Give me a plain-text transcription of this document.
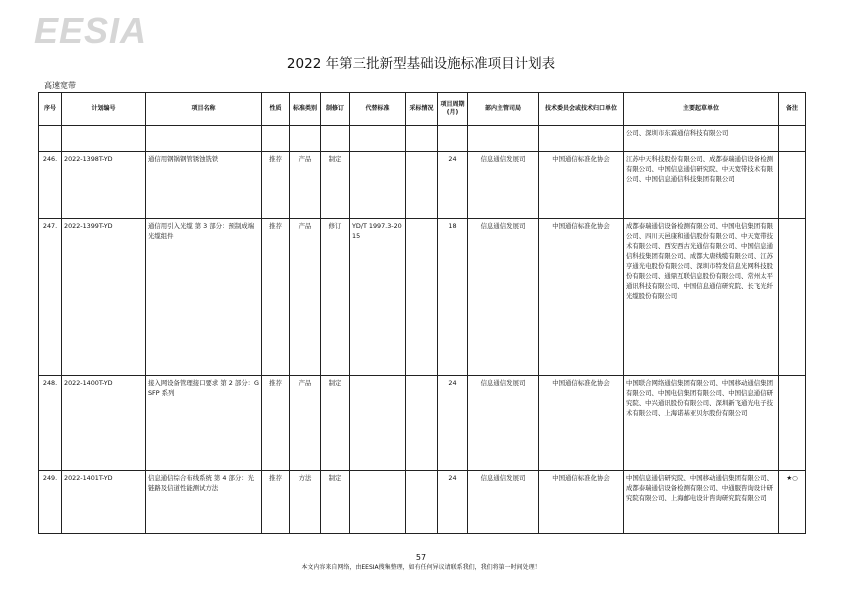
EESIA
2022 年第三批新型基础设施标准项目计划表
高速宽带
序号	计划编号	项目名称	性质	标准类别	制修订	代替标准	采标情况	项目周期(月)	部内主管司局	技术委员会或技术归口单位	主要起草单位	备注
											公司、深圳市东霖通信科技有限公司	
246.	2022-1398T-YD	通信用钢锅钢管锈蚀铣铁	推荐	产品	制定			24	信息通信发展司	中国通信标准化协会	江苏中天科技股份有限公司、成都泰瑞通信设备检测有限公司、中国信息通信研究院、中天宽带技术有限公司、中国信息通信科技集团有限公司	
247.	2022-1399T-YD	通信用引入光缆 第 3 部分：预制成端光缆组件	推荐	产品	修订	YD/T 1997.3-2015		18	信息通信发展司	中国通信标准化协会	成都泰瑞通信设备检测有限公司、中国电信集团有限公司、四川天邑康和通信股份有限公司、中天宽带技术有限公司、西安西古光通信有限公司、中国信息通信科技集团有限公司、成都大唐线缆有限公司、江苏亨通光电股份有限公司、深圳市特发信息光网科技股份有限公司、通鼎互联信息股份有限公司、常州太平通讯科技有限公司、中国信息通信研究院、长飞光纤光缆股份有限公司	
248.	2022-1400T-YD	接入网设备管理接口要求 第 2 部分：GSFP 系列	推荐	产品	制定			24	信息通信发展司	中国通信标准化协会	中国联合网络通信集团有限公司、中国移动通信集团有限公司、中国电信集团有限公司、中国信息通信研究院、中兴通讯股份有限公司、深圳新飞通光电子技术有限公司、上海诺基亚贝尔股份有限公司	
249.	2022-1401T-YD	信息通信综合布线系统 第 4 部分：光链路及信道性能测试方法	推荐	方法	制定			24	信息通信发展司	中国通信标准化协会	中国信息通信研究院、中国移动通信集团有限公司、成都泰瑞通信设备检测有限公司、中通服咨询设计研究院有限公司、上海邮电设计咨询研究院有限公司	★○
57
本文内容来自网络，由EESIA搜集整理，如有任何异议请联系我们，我们将第一时间处理！
